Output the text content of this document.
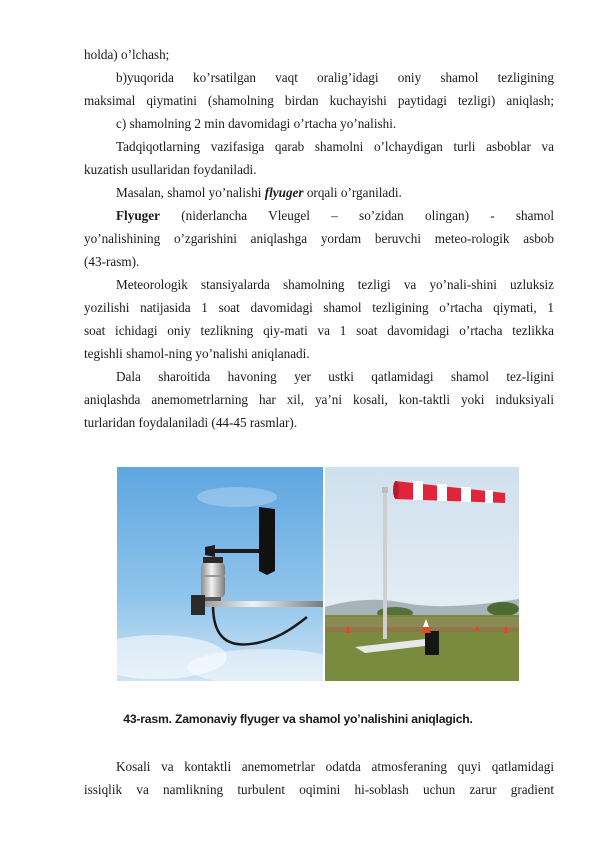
holda) o’lchash;
b)yuqorida ko’rsatilgan vaqt oralig’idagi oniy shamol tezligining
maksimal qiymatini (shamolning birdan kuchayishi paytidagi tezligi) aniqlash;
c) shamolning 2 min davomidagi o’rtacha yo’nalishi.
Tadqiqotlarning vazifasiga qarab shamolni o’lchaydigan turli asboblar va
kuzatish usullaridan foydaniladi.
Masalan, shamol yo’nalishi flyuger orqali o’rganiladi.
Flyuger (niderlancha Vleugel – so’zidan olingan) - shamol
yo’nalishining o’zgarishini aniqlashga yordam beruvchi meteo-rologik asbob
(43-rasm).
Meteorologik stansiyalarda shamolning tezligi va yo’nali-shini uzluksiz
yozilishi natijasida 1 soat davomidagi shamol tezligining o’rtacha qiymati, 1
soat ichidagi oniy tezlikning qiy-mati va 1 soat davomidagi o’rtacha tezlikka
tegishli shamol-ning yo’nalishi aniqlanadi.
Dala sharoitida havoning yer ustki qatlamidagi shamol tez-ligini
aniqlashda anemometrlarning har xil, ya’ni kosali, kon-taktli yoki induksiyali
turlaridan foydalaniladi (44-45 rasmlar).
Kosali va kontaktli anemometrlar odatda atmosferaning quyi qatlamidagi
issiqlik va namlikning turbulent oqimini hi-soblash uchun zarur gradient
43-rasm. Zamonaviy flyuger va shamol yo’nalishini aniqlagich.
